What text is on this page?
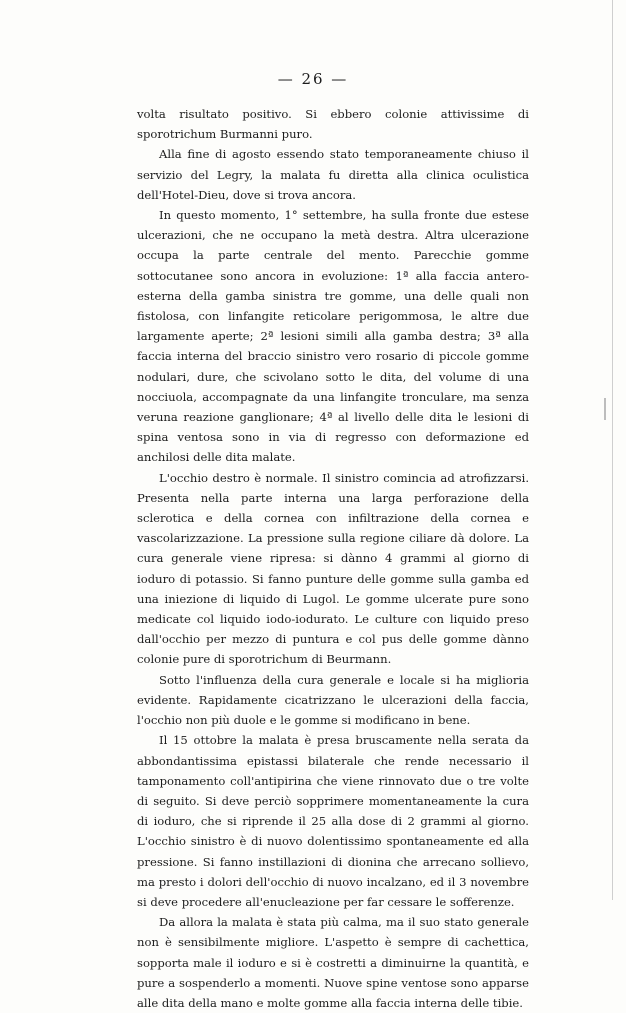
— 26 —

volta risultato positivo. Si ebbero colonie attivissime di sporotrichum Burmanni puro.

Alla fine di agosto essendo stato temporaneamente chiuso il servizio del Legry, la malata fu diretta alla clinica oculistica dell'Hotel-Dieu, dove si trova ancora.

In questo momento, 1° settembre, ha sulla fronte due estese ulcerazioni, che ne occupano la metà destra. Altra ulcerazione occupa la parte centrale del mento. Parecchie gomme sottocutanee sono ancora in evoluzione: 1ª alla faccia antero-esterna della gamba sinistra tre gomme, una delle quali non fistolosa, con linfangite reticolare perigommosa, le altre due largamente aperte; 2ª lesioni simili alla gamba destra; 3ª alla faccia interna del braccio sinistro vero rosario di piccole gomme nodulari, dure, che scivolano sotto le dita, del volume di una nocciuola, accompagnate da una linfangite tronculare, ma senza veruna reazione ganglionare; 4ª al livello delle dita le lesioni di spina ventosa sono in via di regresso con deformazione ed anchilosi delle dita malate.

L'occhio destro è normale. Il sinistro comincia ad atrofizzarsi. Presenta nella parte interna una larga perforazione della sclerotica e della cornea con infiltrazione della cornea e vascolarizzazione. La pressione sulla regione ciliare dà dolore. La cura generale viene ripresa: si dànno 4 grammi al giorno di ioduro di potassio. Si fanno punture delle gomme sulla gamba ed una iniezione di liquido di Lugol. Le gomme ulcerate pure sono medicate col liquido iodo-iodurato. Le culture con liquido preso dall'occhio per mezzo di puntura e col pus delle gomme dànno colonie pure di sporotrichum di Beurmann.

Sotto l'influenza della cura generale e locale si ha miglioria evidente. Rapidamente cicatrizzano le ulcerazioni della faccia, l'occhio non più duole e le gomme si modificano in bene.

Il 15 ottobre la malata è presa bruscamente nella serata da abbondantissima epistassi bilaterale che rende necessario il tamponamento coll'antipirina che viene rinnovato due o tre volte di seguito. Si deve perciò sopprimere momentaneamente la cura di ioduro, che si riprende il 25 alla dose di 2 grammi al giorno. L'occhio sinistro è di nuovo dolentissimo spontaneamente ed alla pressione. Si fanno instillazioni di dionina che arrecano sollievo, ma presto i dolori dell'occhio di nuovo incalzano, ed il 3 novembre si deve procedere all'enucleazione per far cessare le sofferenze.

Da allora la malata è stata più calma, ma il suo stato generale non è sensibilmente migliore. L'aspetto è sempre di cachettica, sopporta male il ioduro e si è costretti a diminuirne la quantità, e pure a sospenderlo a momenti. Nuove spine ventose sono apparse alle dita della mano e molte gomme alla faccia interna delle tibie.
